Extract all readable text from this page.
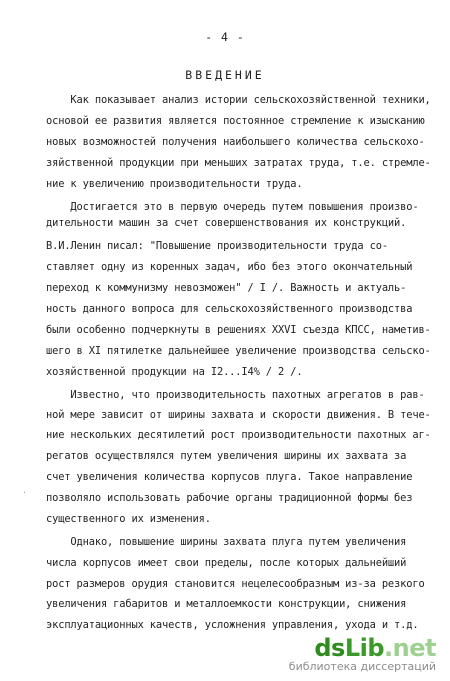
- 4 -
ВВЕДЕНИЕ
Как показывает анализ истории сельскохозяйственной техники,
основой ее развития является постоянное стремление к изысканию
новых возможностей получения наибольшего количества сельскохо-
зяйственной продукции при меньших затратах труда, т.е. стремле-
ние к увеличению производительности труда.
Достигается это в первую очередь путем повышения произво-
дительности машин за счет совершенствования их конструкций.
В.И.Ленин писал: "Повышение производительности труда со-
ставляет одну из коренных задач, ибо без этого окончательный
переход к коммунизму невозможен" / I /. Важность и актуаль-
ность данного вопроса для сельскохозяйственного производства
были особенно подчеркнуты в решениях XXVI съезда КПСС, наметив-
шего в XI пятилетке дальнейшее увеличение производства сельско-
хозяйственной продукции на I2...I4% / 2 /.
Известно, что производительность пахотных агрегатов в рав-
ной мере зависит от ширины захвата и скорости движения. В тече-
ние нескольких десятилетий рост производительности пахотных аг-
регатов осуществлялся путем увеличения ширины их захвата за
счет увеличения количества корпусов плуга. Такое направление
позволяло использовать рабочие органы традиционной формы без
существенного их изменения.
Однако, повышение ширины захвата плуга путем увеличения
числа корпусов имеет свои пределы, после которых дальнейший
рост размеров орудия становится нецелесообразным из-за резкого
увеличения габаритов и металлоемкости конструкции, снижения
эксплуатационных качеств, усложнения управления, ухода и т.д.
·
dsLib.net
библиотека диссертаций
